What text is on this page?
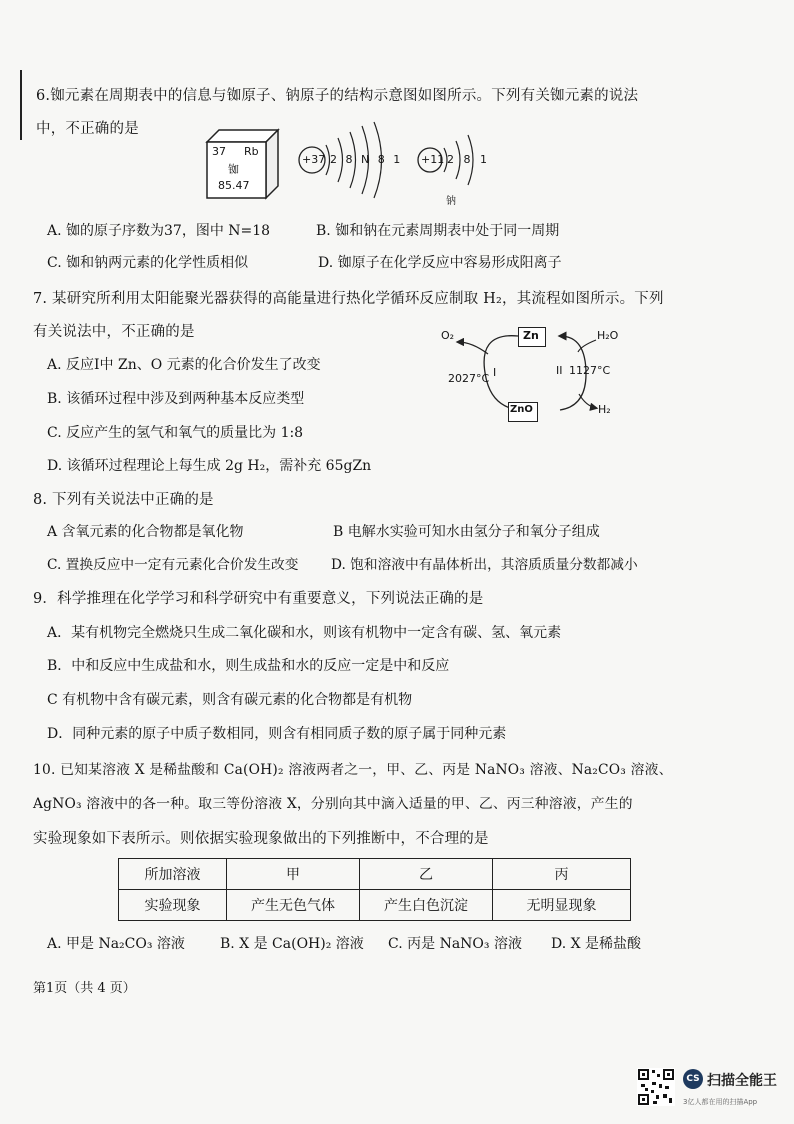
6.铷元素在周期表中的信息与铷原子、钠原子的结构示意图如图所示。下列有关铷元素的说法
中，不正确的是
37 Rb
铷
85.47
+37 2 8 N 8 1 +11 2 8 1
钠
A. 铷的原子序数为37，图中 N=18	B. 铷和钠在元素周期表中处于同一周期
C. 铷和钠两元素的化学性质相似	D. 铷原子在化学反应中容易形成阳离子
7. 某研究所利用太阳能聚光器获得的高能量进行热化学循环反应制取 H₂，其流程如图所示。下列
有关说法中，不正确的是	Zn
ZnO
O₂	H₂O
H₂
2027°C I	II 1127°C
A. 反应Ⅰ中 Zn、O 元素的化合价发生了改变
B. 该循环过程中涉及到两种基本反应类型
C. 反应产生的氢气和氧气的质量比为 1:8
D. 该循环过程理论上每生成 2g H₂，需补充 65gZn
8. 下列有关说法中正确的是
A 含氧元素的化合物都是氧化物	B 电解水实验可知水由氢分子和氧分子组成
C. 置换反应中一定有元素化合价发生改变 D. 饱和溶液中有晶体析出，其溶质质量分数都减小
9．科学推理在化学学习和科学研究中有重要意义，下列说法正确的是
A．某有机物完全燃烧只生成二氧化碳和水，则该有机物中一定含有碳、氢、氧元素
B．中和反应中生成盐和水，则生成盐和水的反应一定是中和反应
C 有机物中含有碳元素，则含有碳元素的化合物都是有机物
D．同种元素的原子中质子数相同，则含有相同质子数的原子属于同种元素
10. 已知某溶液 X 是稀盐酸和 Ca(OH)₂ 溶液两者之一，甲、乙、丙是 NaNO₃ 溶液、Na₂CO₃ 溶液、
AgNO₃ 溶液中的各一种。取三等份溶液 X，分别向其中滴入适量的甲、乙、丙三种溶液，产生的
实验现象如下表所示。则依据实验现象做出的下列推断中，不合理的是
所加溶液	甲	乙	丙
实验现象	产生无色气体	产生白色沉淀	无明显现象
A. 甲是 Na₂CO₃ 溶液	B. X 是 Ca(OH)₂ 溶液 C. 丙是 NaNO₃ 溶液 D. X 是稀盐酸
第1页（共 4 页）
CS 扫描全能王
3亿人都在用的扫描App
